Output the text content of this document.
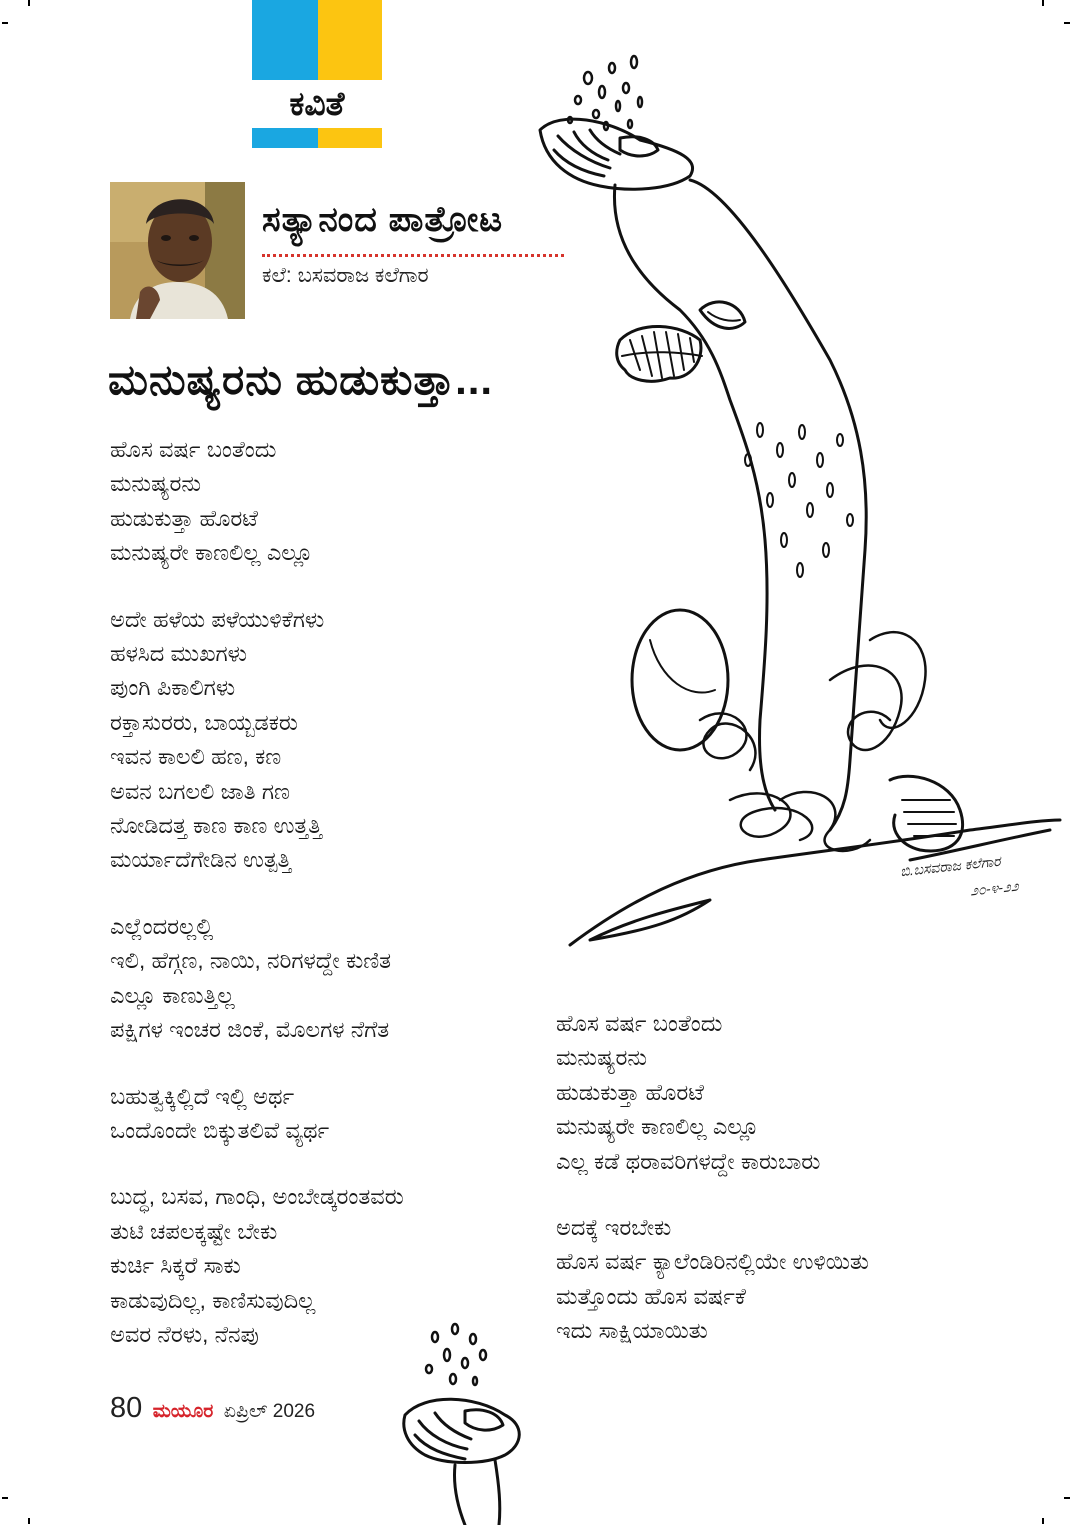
ಕವಿತೆ
ಸತ್ಯಾನಂದ ಪಾತ್ರೋಟ
ಕಲೆ: ಬಸವರಾಜ ಕಲೆಗಾರ
ಮನುಷ್ಯರನು ಹುಡುಕುತ್ತಾ...
ಹೊಸ ವರ್ಷ ಬಂತೆಂದು
ಮನುಷ್ಯರನು
ಹುಡುಕುತ್ತಾ ಹೊರಟೆ
ಮನುಷ್ಯರೇ ಕಾಣಲಿಲ್ಲ ಎಲ್ಲೂ
ಅದೇ ಹಳೆಯ ಪಳೆಯುಳಿಕೆಗಳು
ಹಳಸಿದ ಮುಖಗಳು
ಪುಂಗಿ ಪಿಕಾಲಿಗಳು
ರಕ್ತಾಸುರರು, ಬಾಯ್ಬಡಕರು
ಇವನ ಕಾಲಲಿ ಹಣ, ಕಣ
ಅವನ ಬಗಲಲಿ ಜಾತಿ ಗಣ
ನೋಡಿದತ್ತ ಕಾಣ ಕಾಣ ಉತ್ತತ್ತಿ
ಮರ್ಯಾದೆಗೇಡಿನ ಉತ್ಪತ್ತಿ
ಎಲ್ಲೆಂದರಲ್ಲಲ್ಲಿ
ಇಲಿ, ಹೆಗ್ಗಣ, ನಾಯಿ, ನರಿಗಳದ್ದೇ ಕುಣಿತ
ಎಲ್ಲೂ ಕಾಣುತ್ತಿಲ್ಲ
ಪಕ್ಷಿಗಳ ಇಂಚರ ಜಿಂಕೆ, ಮೊಲಗಳ ನೆಗೆತ
ಬಹುತ್ವಕ್ಕಿಲ್ಲಿದೆ ಇಲ್ಲಿ ಅರ್ಥ
ಒಂದೊಂದೇ ಬಿಕ್ಕುತಲಿವೆ ವ್ಯರ್ಥ
ಬುದ್ಧ, ಬಸವ, ಗಾಂಧಿ, ಅಂಬೇಡ್ಕರಂತವರು
ತುಟಿ ಚಪಲಕ್ಕಷ್ಟೇ ಬೇಕು
ಕುರ್ಚಿ ಸಿಕ್ಕರೆ ಸಾಕು
ಕಾಡುವುದಿಲ್ಲ, ಕಾಣಿಸುವುದಿಲ್ಲ
ಅವರ ನೆರಳು, ನೆನಪು
ಹೊಸ ವರ್ಷ ಬಂತೆಂದು
ಮನುಷ್ಯರನು
ಹುಡುಕುತ್ತಾ ಹೊರಟೆ
ಮನುಷ್ಯರೇ ಕಾಣಲಿಲ್ಲ ಎಲ್ಲೂ
ಎಲ್ಲ ಕಡೆ ಥರಾವರಿಗಳದ್ದೇ ಕಾರುಬಾರು
ಅದಕ್ಕೆ ಇರಬೇಕು
ಹೊಸ ವರ್ಷ ಕ್ಯಾಲೆಂಡಿರಿನಲ್ಲಿಯೇ ಉಳಿಯಿತು
ಮತ್ತೊಂದು ಹೊಸ ವರ್ಷಕೆ
ಇದು ಸಾಕ್ಷಿಯಾಯಿತು
ಬಿ.ಬಸವರಾಜ ಕಲೆಗಾರ
೨೦-೪-೨೨
80 ಮಯೂರ ಏಪ್ರಿಲ್ 2026
